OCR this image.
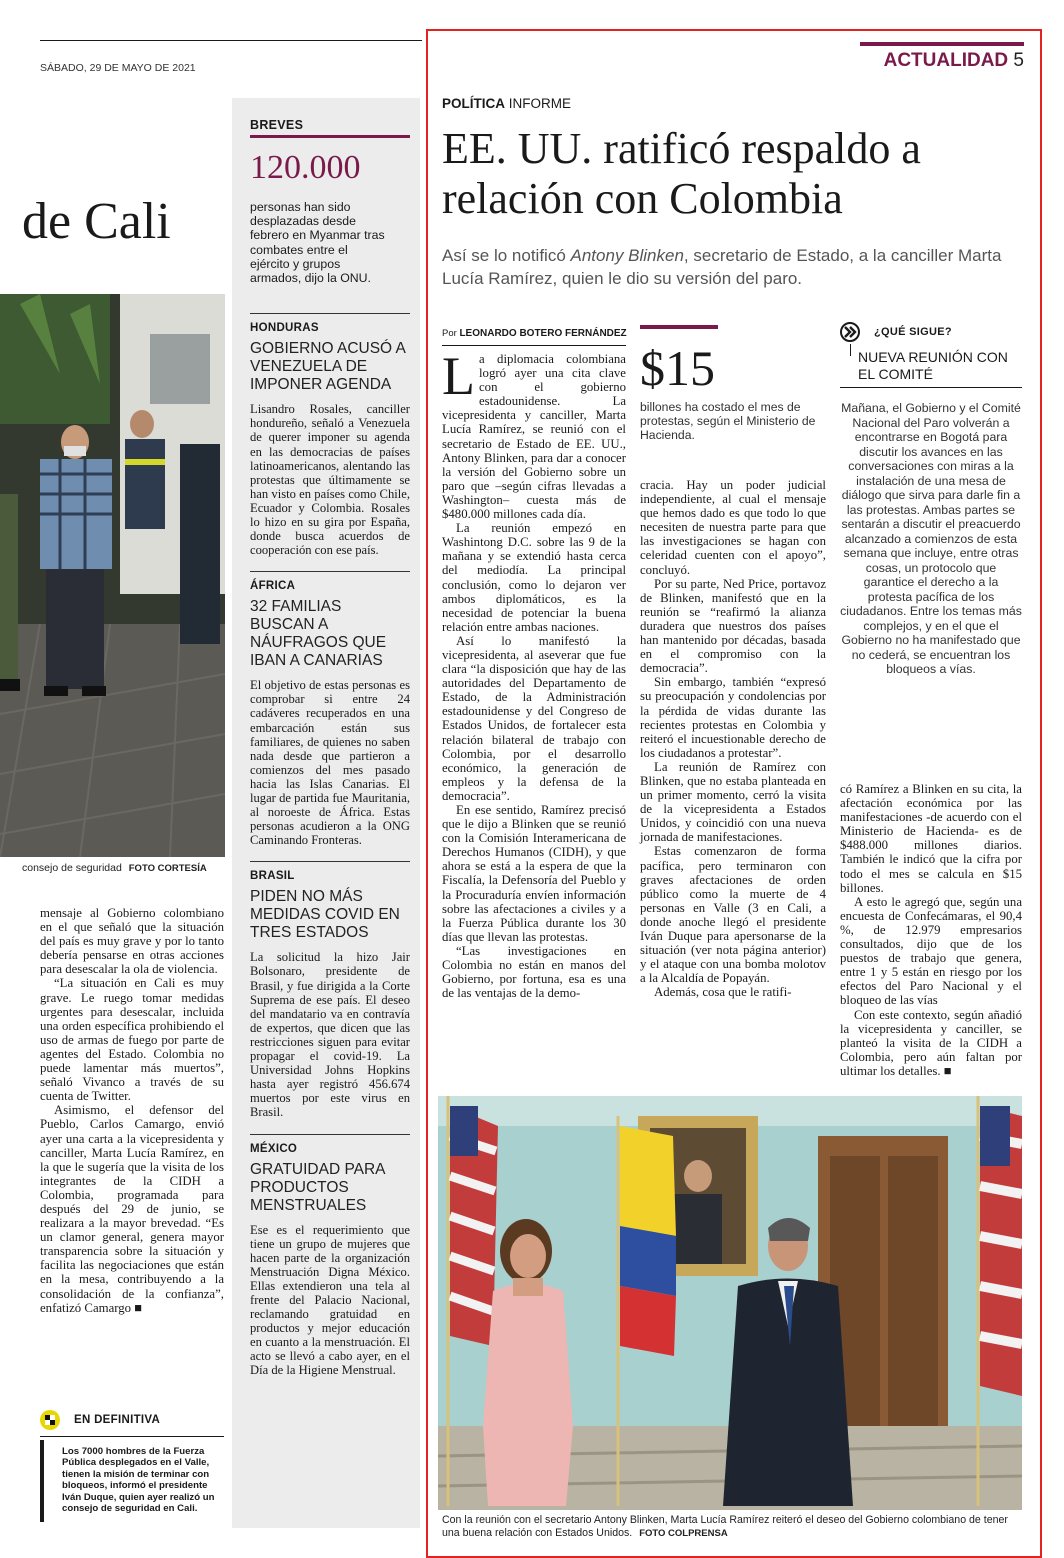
SÁBADO, 29 DE MAYO DE 2021	ACTUALIDAD 5
de Cali
consejo de seguridad FOTO CORTESÍA

mensaje al Gobierno colombiano en el que señaló que la situación del país es muy grave y por lo tanto debería pensarse en otras acciones para desescalar la ola de violencia.

“La situación en Cali es muy grave. Le ruego tomar medidas urgentes para desescalar, incluida una orden específica prohibiendo el uso de armas de fuego por parte de agentes del Estado. Colombia no puede lamentar más muertos”, señaló Vivanco a través de su cuenta de Twitter.

Asimismo, el defensor del Pueblo, Carlos Camargo, envió ayer una carta a la vicepresidenta y canciller, Marta Lucía Ramírez, en la que le sugería que la visita de los integrantes de la CIDH a Colombia, programada para después del 29 de junio, se realizara a la mayor brevedad. “Es un clamor general, genera mayor transparencia sobre la situación y facilita las negociaciones que están en la mesa, contribuyendo a la consolidación de la confianza”, enfatizó Camargo ■

EN DEFINITIVA
Los 7000 hombres de la Fuerza Pública desplegados en el Valle, tienen la misión de terminar con bloqueos, informó el presidente Iván Duque, quien ayer realizó un consejo de seguridad en Cali.
BREVES
120.000
personas han sido desplazadas desde febrero en Myanmar tras combates entre el ejército y grupos armados, dijo la ONU.
HONDURAS
GOBIERNO ACUSÓ A VENEZUELA DE IMPONER AGENDA
Lisandro Rosales, canciller hondureño, señaló a Venezuela de querer imponer su agenda en las democracias de países latinoamericanos, alentando las protestas que últimamente se han visto en países como Chile, Ecuador y Colombia. Rosales lo hizo en su gira por España, donde busca acuerdos de cooperación con ese país.
ÁFRICA
32 FAMILIAS BUSCAN A NÁUFRAGOS QUE IBAN A CANARIAS
El objetivo de estas personas es comprobar si entre 24 cadáveres recuperados en una embarcación están sus familiares, de quienes no saben nada desde que partieron a comienzos del mes pasado hacia las Islas Canarias. El lugar de partida fue Mauritania, al noroeste de África. Estas personas acudieron a la ONG Caminando Fronteras.
BRASIL
PIDEN NO MÁS MEDIDAS COVID EN TRES ESTADOS
La solicitud la hizo Jair Bolsonaro, presidente de Brasil, y fue dirigida a la Corte Suprema de ese país. El deseo del mandatario va en contravía de expertos, que dicen que las restricciones siguen para evitar propagar el covid-19. La Universidad Johns Hopkins hasta ayer registró 456.674 muertos por este virus en Brasil.
MÉXICO
GRATUIDAD PARA PRODUCTOS MENSTRUALES
Ese es el requerimiento que tiene un grupo de mujeres que hacen parte de la organización Menstruación Digna México. Ellas extendieron una tela al frente del Palacio Nacional, reclamando gratuidad en productos y mejor educación en cuanto a la menstruación. El acto se llevó a cabo ayer, en el Día de la Higiene Menstrual.
POLÍTICA INFORME
EE. UU. ratificó respaldo a relación con Colombia
Así se lo notificó Antony Blinken, secretario de Estado, a la canciller Marta Lucía Ramírez, quien le dio su versión del paro.
Por LEONARDO BOTERO FERNÁNDEZ
L a diplomacia colombiana logró ayer una cita clave con el gobierno estadounidense. La vicepresidenta y canciller, Marta Lucía Ramírez, se reunió con el secretario de Estado de EE. UU., Antony Blinken, para dar a conocer la versión del Gobierno sobre un paro que –según cifras llevadas a Washington– cuesta más de $480.000 millones cada día.

La reunión empezó en Washintong D.C. sobre las 9 de la mañana y se extendió hasta cerca del mediodía. La principal conclusión, como lo dejaron ver ambos diplomáticos, es la necesidad de potenciar la buena relación entre ambas naciones.

Así lo manifestó la vicepresidenta, al aseverar que fue clara “la disposición que hay de las autoridades del Departamento de Estado, de la Administración estadounidense y del Congreso de Estados Unidos, de fortalecer esta relación bilateral de trabajo con Colombia, por el desarrollo económico, la generación de empleos y la defensa de la democracia”.

En ese sentido, Ramírez precisó que le dijo a Blinken que se reunió con la Comisión Interamericana de Derechos Humanos (CIDH), y que ahora se está a la espera de que la Fiscalía, la Defensoría del Pueblo y la Procuraduría envíen información sobre las afectaciones a civiles y a la Fuerza Pública durante los 30 días que llevan las protestas.

“Las investigaciones en Colombia no están en manos del Gobierno, por fortuna, esa es una de las ventajas de la demo-

$15
billones ha costado el mes de protestas, según el Ministerio de Hacienda.

cracia. Hay un poder judicial independiente, al cual el mensaje que hemos dado es que todo lo que necesiten de nuestra parte para que las investigaciones se hagan con celeridad cuenten con el apoyo”, concluyó.

Por su parte, Ned Price, portavoz de Blinken, manifestó que en la reunión se “reafirmó la alianza duradera que nuestros dos países han mantenido por décadas, basada en el compromiso con la democracia”.

Sin embargo, también “expresó su preocupación y condolencias por la pérdida de vidas durante las recientes protestas en Colombia y reiteró el incuestionable derecho de los ciudadanos a protestar”.

La reunión de Ramírez con Blinken, que no estaba planteada en un primer momento, cerró la visita de la vicepresidenta a Estados Unidos, y coincidió con una nueva jornada de manifestaciones.

Estas comenzaron de forma pacífica, pero terminaron con graves afectaciones de orden público como la muerte de 4 personas en Valle (3 en Cali, a donde anoche llegó el presidente Iván Duque para apersonarse de la situación (ver nota página anterior) y el ataque con una bomba molotov a la Alcaldía de Popayán.

Además, cosa que le ratifi-

¿QUÉ SIGUE?
NUEVA REUNIÓN CON EL COMITÉ
Mañana, el Gobierno y el Comité Nacional del Paro volverán a encontrarse en Bogotá para discutir los avances en las conversaciones con miras a la instalación de una mesa de diálogo que sirva para darle fin a las protestas. Ambas partes se sentarán a discutir el preacuerdo alcanzado a comienzos de esta semana que incluye, entre otras cosas, un protocolo que garantice el derecho a la protesta pacífica de los ciudadanos. Entre los temas más complejos, y en el que el Gobierno no ha manifestado que no cederá, se encuentran los bloqueos a vías.

có Ramírez a Blinken en su cita, la afectación económica por las manifestaciones -de acuerdo con el Ministerio de Hacienda- es de $488.000 millones diarios. También le indicó que la cifra por todo el mes se calcula en $15 billones.

A esto le agregó que, según una encuesta de Confecámaras, el 90,4 %, de 12.979 empresarios consultados, dijo que de los puestos de trabajo que genera, entre 1 y 5 están en riesgo por los efectos del Paro Nacional y el bloqueo de las vías

Con este contexto, según añadió la vicepresidenta y canciller, se planteó la visita de la CIDH a Colombia, pero aún faltan por ultimar los detalles. ■

Con la reunión con el secretario Antony Blinken, Marta Lucía Ramírez reiteró el deseo del Gobierno colombiano de tener una buena relación con Estados Unidos. FOTO COLPRENSA
